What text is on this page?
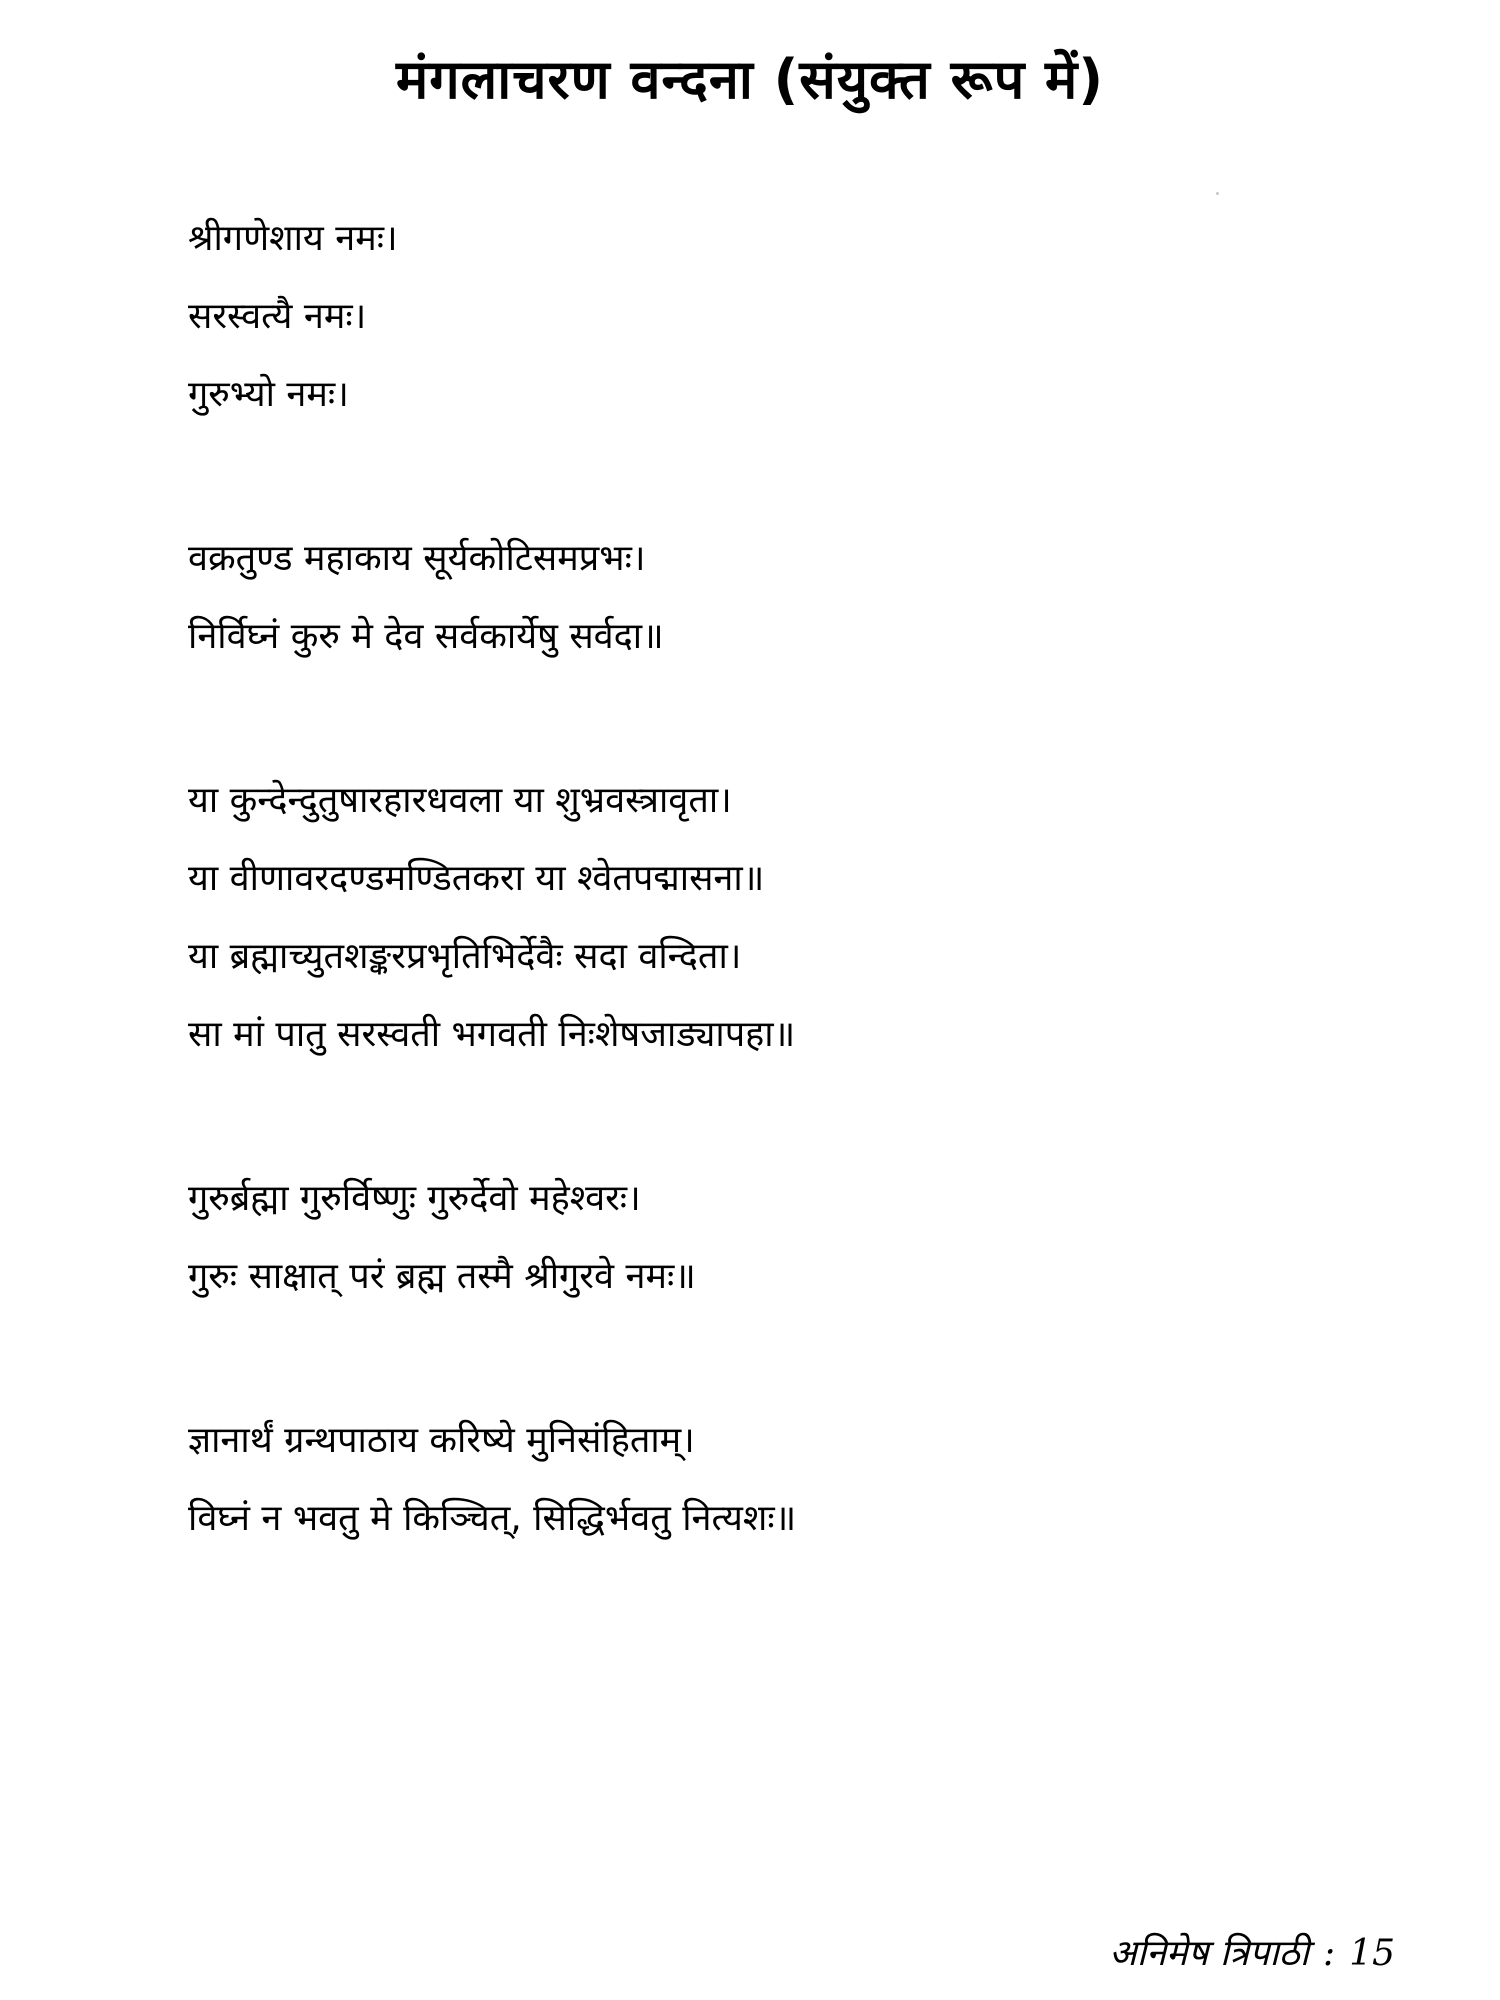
मंगलाचरण वन्दना (संयुक्त रूप में)
श्रीगणेशाय नमः।
सरस्वत्यै नमः।
गुरुभ्यो नमः।
वक्रतुण्ड महाकाय सूर्यकोटिसमप्रभः।
निर्विघ्नं कुरु मे देव सर्वकार्येषु सर्वदा॥
या कुन्देन्दुतुषारहारधवला या शुभ्रवस्त्रावृता।
या वीणावरदण्डमण्डितकरा या श्वेतपद्मासना॥
या ब्रह्माच्युतशङ्करप्रभृतिभिर्देवैः सदा वन्दिता।
सा मां पातु सरस्वती भगवती निःशेषजाड्यापहा॥
गुरुर्ब्रह्मा गुरुर्विष्णुः गुरुर्देवो महेश्वरः।
गुरुः साक्षात् परं ब्रह्म तस्मै श्रीगुरवे नमः॥
ज्ञानार्थं ग्रन्थपाठाय करिष्ये मुनिसंहिताम्।
विघ्नं न भवतु मे किञ्चित्, सिद्धिर्भवतु नित्यशः॥
अनिमेष त्रिपाठी : 15
